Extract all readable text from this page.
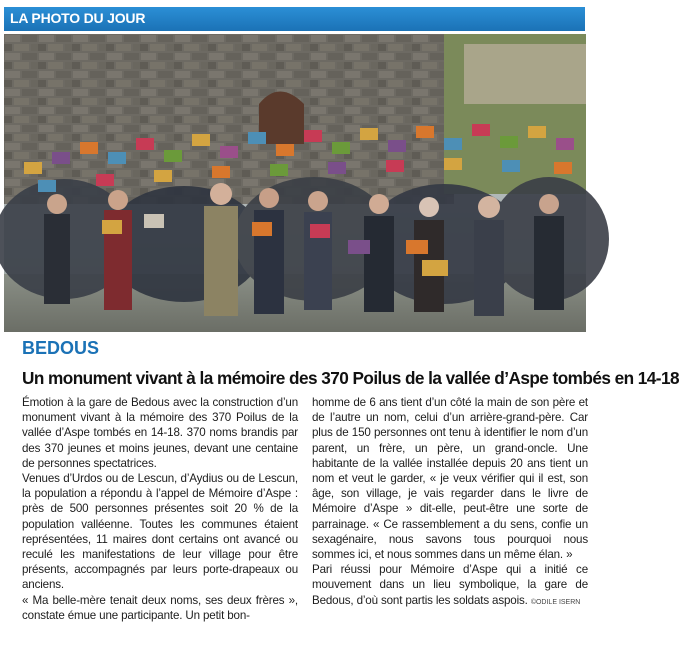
LA PHOTO DU JOUR
BEDOUS
Un monument vivant à la mémoire des 370 Poilus de la vallée d’Aspe tombés en 14-18

Émotion à la gare de Bedous avec la construction d’un monument vivant à la mémoire des 370 Poilus de la vallée d’Aspe tombés en 14-18. 370 noms brandis par des 370 jeunes et moins jeunes, devant une centaine de personnes spectatrices.

Venues d’Urdos ou de Lescun, d’Aydius ou de Lescun, la population a répondu à l’appel de Mémoire d’Aspe : près de 500 personnes présentes soit 20 % de la population valléenne. Toutes les communes étaient représentées, 11 maires dont certains ont avancé ou reculé les manifestations de leur village pour être présents, accompagnés par leurs porte-drapeaux ou anciens.

« Ma belle-mère tenait deux noms, ses deux frères », constate émue une participante. Un petit bon-

homme de 6 ans tient d’un côté la main de son père et de l’autre un nom, celui d’un arrière-grand-père. Car plus de 150 personnes ont tenu à identifier le nom d’un parent, un frère, un père, un grand-oncle. Une habitante de la vallée installée depuis 20 ans tient un nom et veut le garder, « je veux vérifier qui il est, son âge, son village, je vais regarder dans le livre de Mémoire d’Aspe » dit-elle, peut-être une sorte de parrainage. « Ce rassemblement a du sens, confie un sexagénaire, nous savons tous pourquoi nous sommes ici, et nous sommes dans un même élan. »

Pari réussi pour Mémoire d’Aspe qui a initié ce mouvement dans un lieu symbolique, la gare de Bedous, d’où sont partis les soldats aspois. ©ODILE ISERN
